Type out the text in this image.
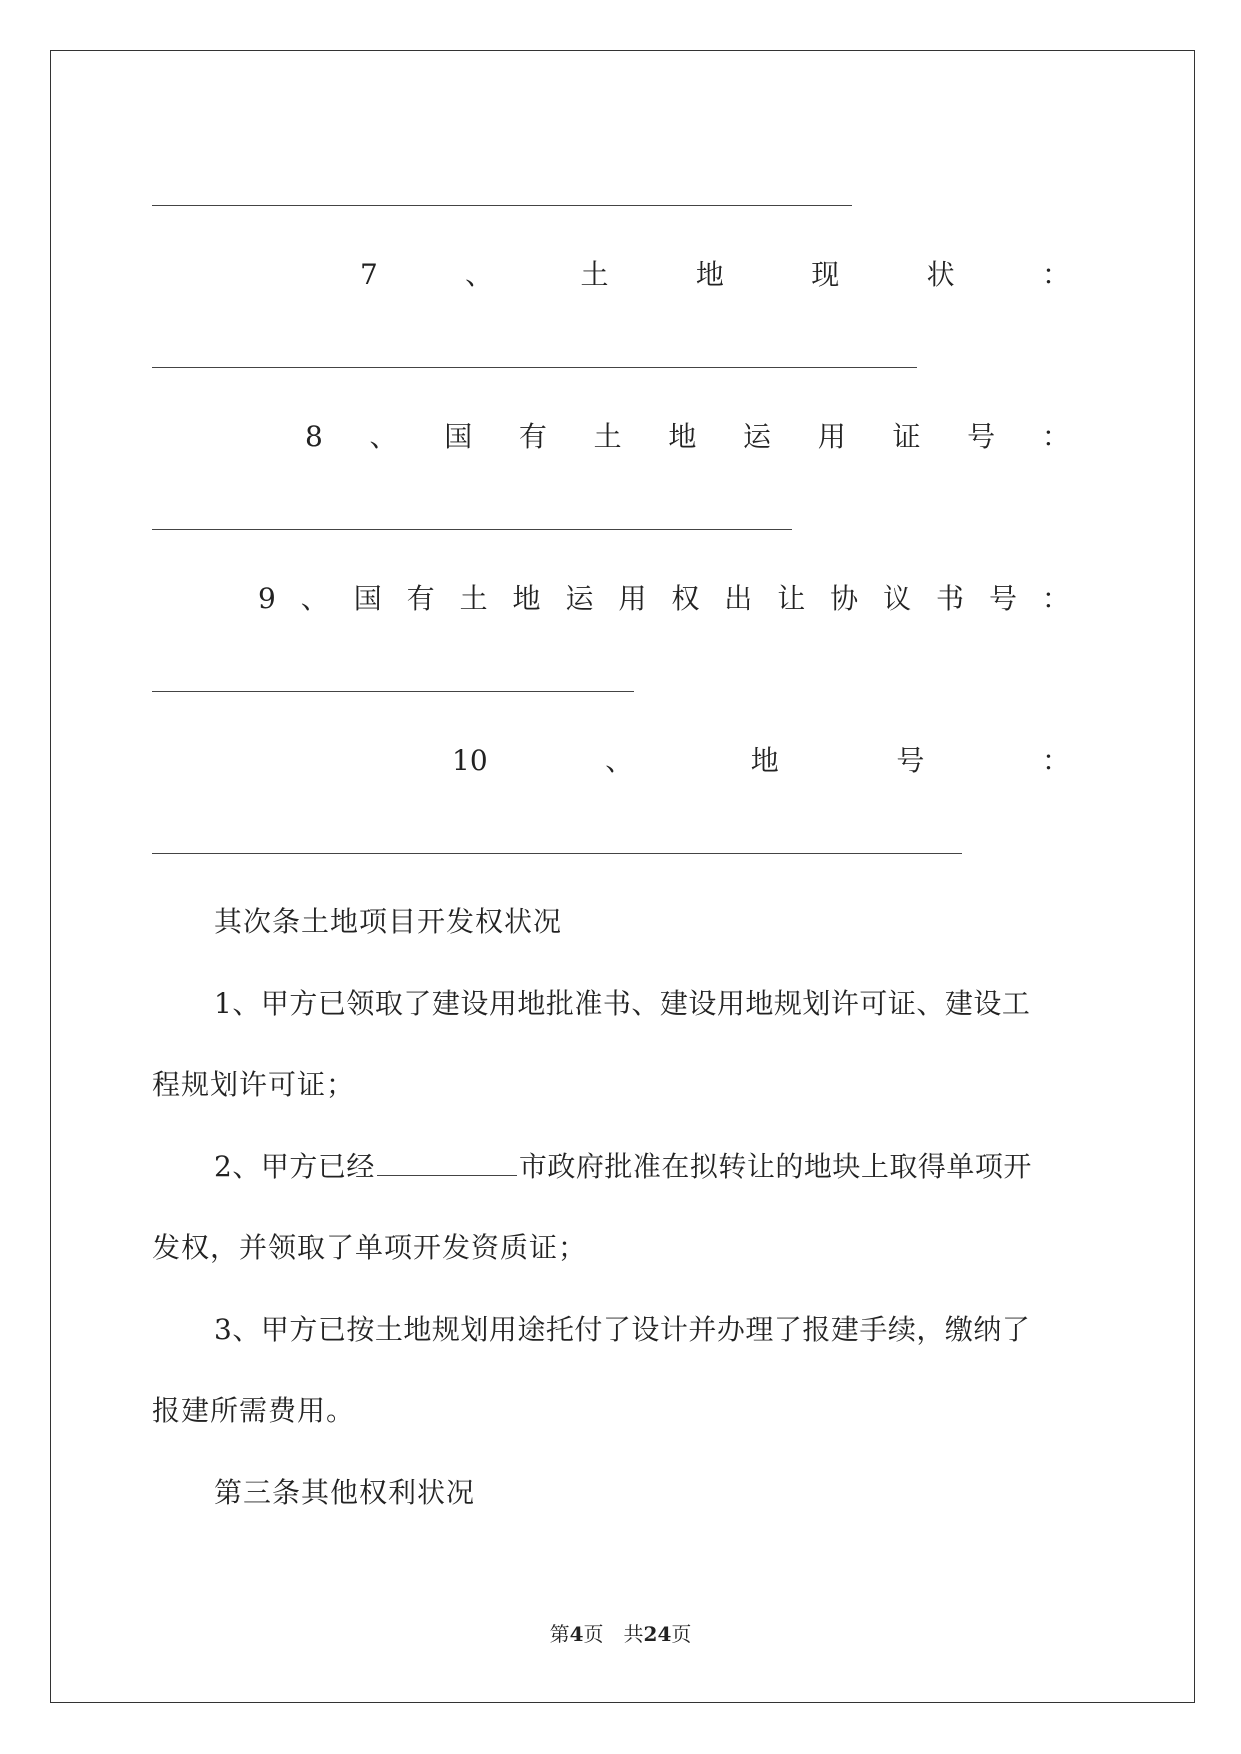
7	、	土	地	现	状	：
8 、 国 有 土 地 运 用 证 号 ：
9 、 国 有 土 地 运 用 权 出 让 协 议 书 号 ：
10	、	地	号	：
其次条土地项目开发权状况
1、甲方已领取了建设用地批准书、建设用地规划许可证、建设工
程规划许可证；
2、甲方已经	市政府批准在拟转让的地块上取得单项开
发权，并领取了单项开发资质证；
3、甲方已按土地规划用途托付了设计并办理了报建手续，缴纳了
报建所需费用。
第三条其他权利状况
第4页　共24页
